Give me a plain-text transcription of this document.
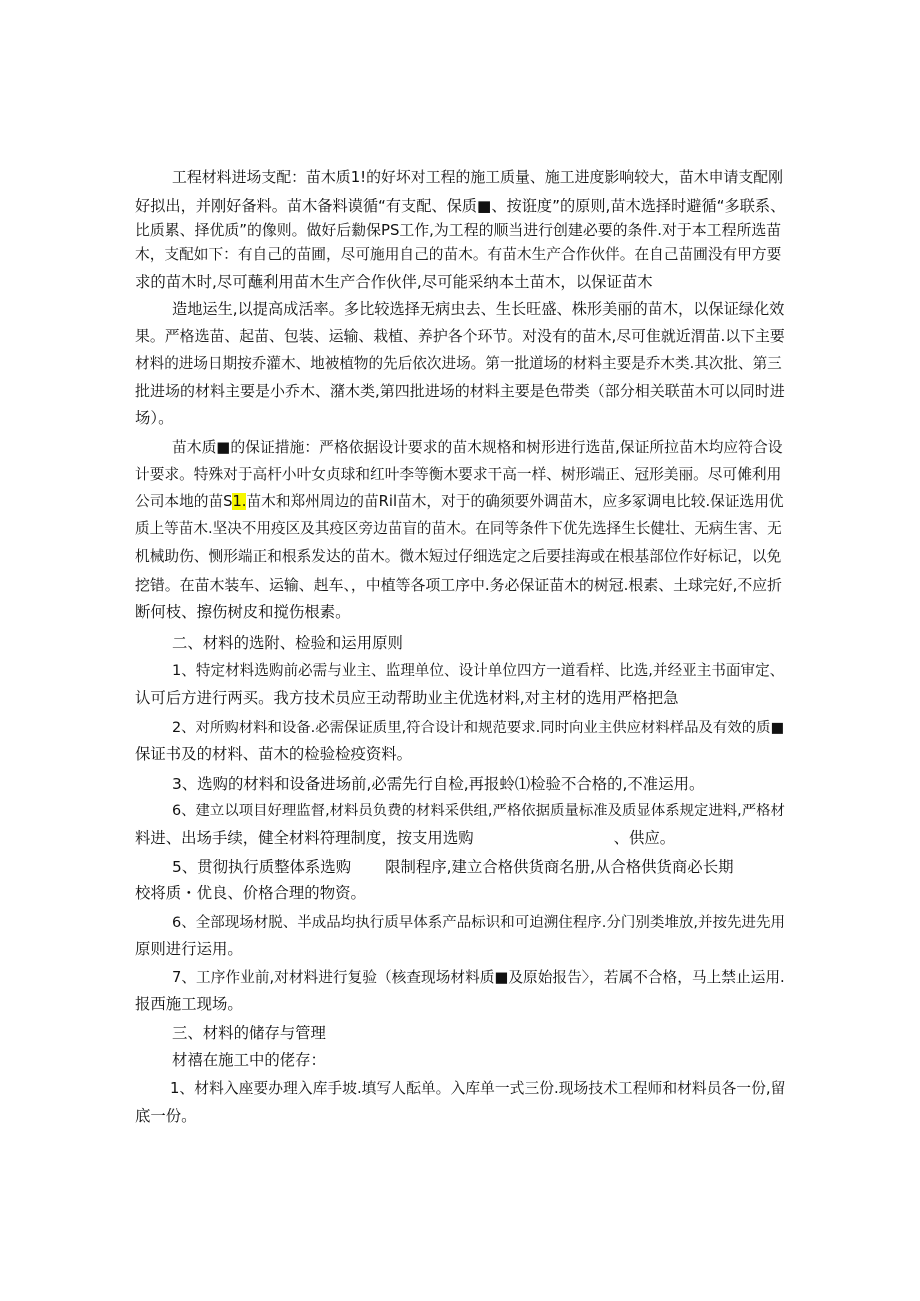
工程材料进场支配：苗木质1!的好坏对工程的施工质量、施工进度影响较大，苗木申请支配刚
好拟出，并刚好备料。苗木备料谟循“有支配、保质■、按诳度”的原则,苗木选择时避循“多联系、
比质累、择优质”的像则。做好后勬保PS工作,为工程的顺当进行创建必要的条件.对于本工程所选苗
木，支配如下：有自己的苗圃，尽可施用自己的苗木。有苗木生产合作伙伴。在自己苗圃没有甲方要
求的苗木时,尽可蘸利用苗木生产合作伙伴,尽可能采纳本土苗木，以保证苗木
造地运生,以提高成活率。多比较选择无病虫去、生长旺盛、株形美丽的苗木，以保证绿化效
果。严格选苗、起苗、包装、运输、栽植、养护各个环节。对没有的苗木,尽可隹就近渭苗.以下主要
材料的进场日期按乔灌木、地被植物的先后依次进场。第一批道场的材料主要是乔木类.其次批、第三
批进场的材料主要是小乔木、潴木类,第四批进场的材料主要是色带类（部分相关联苗木可以同时进
场）。
苗木质■的保证措施：严格依据设计要求的苗木规格和树形进行选苗,保证所拉苗木均应符合设
计要求。特殊对于高杆小叶女贞球和红叶李等衡木要求干高一样、树形端正、冠形美丽。尽可傩利用
公司本地的苗S1.苗木和郑州周边的苗Ril苗木，对于的确须要外调苗木，应多冢调电比较.保证选用优
质上等苗木.坚决不用疫区及其疫区旁边苗盲的苗木。在同等条件下优先选择生长健壮、无病生害、无
机械助伤、恻形端正和根系发达的苗木。微木短过仔细选定之后要挂海或在根基部位作好标记，以免
挖错。在苗木装车、运输、赳车、，中植等各项工序中.务必保证苗木的树冠.根素、土球完好,不应折
断何枝、擦伤树皮和搅伤根素。
二、材料的选附、检验和运用原则
1、特定材料选购前必需与业主、监理单位、设计单位四方一道看样、比选,并经亚主书面审定、
认可后方进行两买。我方技术员应王动帮助业主优选材料,对主材的选用严格把急
2、对所购材料和设备.必需保证质里,符合设计和规范要求.同时向业主供应材料样品及有效的质■
保证书及的材料、苗木的检验检疫资料。
3、选购的材料和设备进场前,必需先行自检,再报蛉⑴检验不合格的,不准运用。
6、建立以项目好理监督,材料员负费的材料采供组,严格依据质量标准及质显体系规定进料,严格材
料进、出场手续，健全材料符理制度，按支用选购	、供应。
5、贯彻执行质整体系选购 限制程序,建立合格供货商名册,从合格供货商必长期
校将质・优良、价格合理的物资。
6、全部现场材脱、半成品均执行质早体系产品标识和可迫溯住程序.分门别类堆放,并按先进先用
原则进行运用。
7、工序作业前,对材料进行复验（核查现场材料质■及原始报告〉，若属不合格，马上禁止运用.
报西施工现场。
三、材料的储存与管理
材禧在施工中的佬存：
1、材料入座要办理入库手坡.填写人酝单。入库单一式三份.现场技术工程师和材料员各一份,留
底一份。
